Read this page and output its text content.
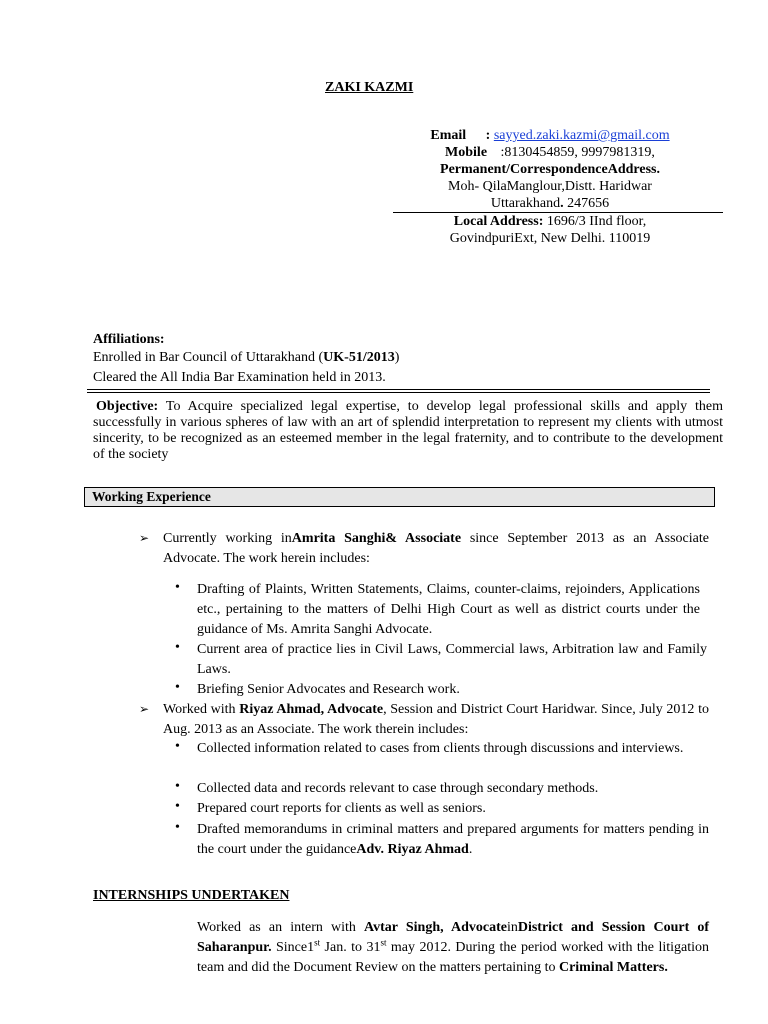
ZAKI KAZMI
Email : sayyed.zaki.kazmi@gmail.com
Mobile :8130454859, 9997981319,
Permanent/CorrespondenceAddress.
Moh- QilaManglour,Distt. Haridwar
Uttarakhand. 247656
Local Address: 1696/3 IInd floor,
GovindpuriExt, New Delhi. 110019
Affiliations:
Enrolled in Bar Council of Uttarakhand (UK-51/2013)
Cleared the All India Bar Examination held in 2013.
Objective: To Acquire specialized legal expertise, to develop legal professional skills and apply them successfully in various spheres of law with an art of splendid interpretation to represent my clients with utmost sincerity, to be recognized as an esteemed member in the legal fraternity, and to contribute to the development of the society
Working Experience
➢ Currently working inAmrita Sanghi& Associate since September 2013 as an Associate Advocate. The work herein includes:
• Drafting of Plaints, Written Statements, Claims, counter-claims, rejoinders, Applications etc., pertaining to the matters of Delhi High Court as well as district courts under the guidance of Ms. Amrita Sanghi Advocate.
• Current area of practice lies in Civil Laws, Commercial laws, Arbitration law and Family Laws.
• Briefing Senior Advocates and Research work.
➢ Worked with Riyaz Ahmad, Advocate, Session and District Court Haridwar. Since, July 2012 to Aug. 2013 as an Associate. The work therein includes:
• Collected information related to cases from clients through discussions and interviews.
• Collected data and records relevant to case through secondary methods.
• Prepared court reports for clients as well as seniors.
• Drafted memorandums in criminal matters and prepared arguments for matters pending in the court under the guidanceAdv. Riyaz Ahmad.
INTERNSHIPS UNDERTAKEN
Worked as an intern with Avtar Singh, AdvocateinDistrict and Session Court of Saharanpur. Since1st Jan. to 31st may 2012. During the period worked with the litigation team and did the Document Review on the matters pertaining to Criminal Matters.
